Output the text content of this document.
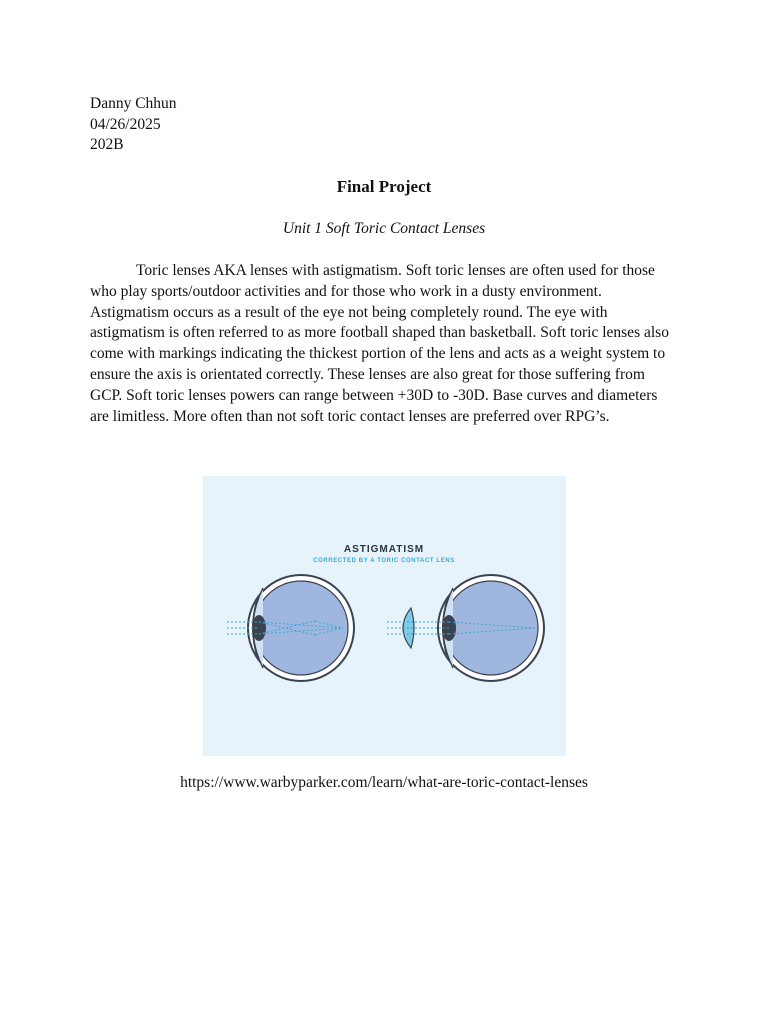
Danny Chhun
04/26/2025
202B
Final Project
Unit 1 Soft Toric Contact Lenses

Toric lenses AKA lenses with astigmatism. Soft toric lenses are often used for those who play sports/outdoor activities and for those who work in a dusty environment. Astigmatism occurs as a result of the eye not being completely round. The eye with astigmatism is often referred to as more football shaped than basketball. Soft toric lenses also come with markings indicating the thickest portion of the lens and acts as a weight system to ensure the axis is orientated correctly. These lenses are also great for those suffering from GCP. Soft toric lenses powers can range between +30D to -30D. Base curves and diameters are limitless. More often than not soft toric contact lenses are preferred over RPG’s.

ASTIGMATISM
CORRECTED BY A TORIC CONTACT LENS
https://www.warbyparker.com/learn/what-are-toric-contact-lenses
